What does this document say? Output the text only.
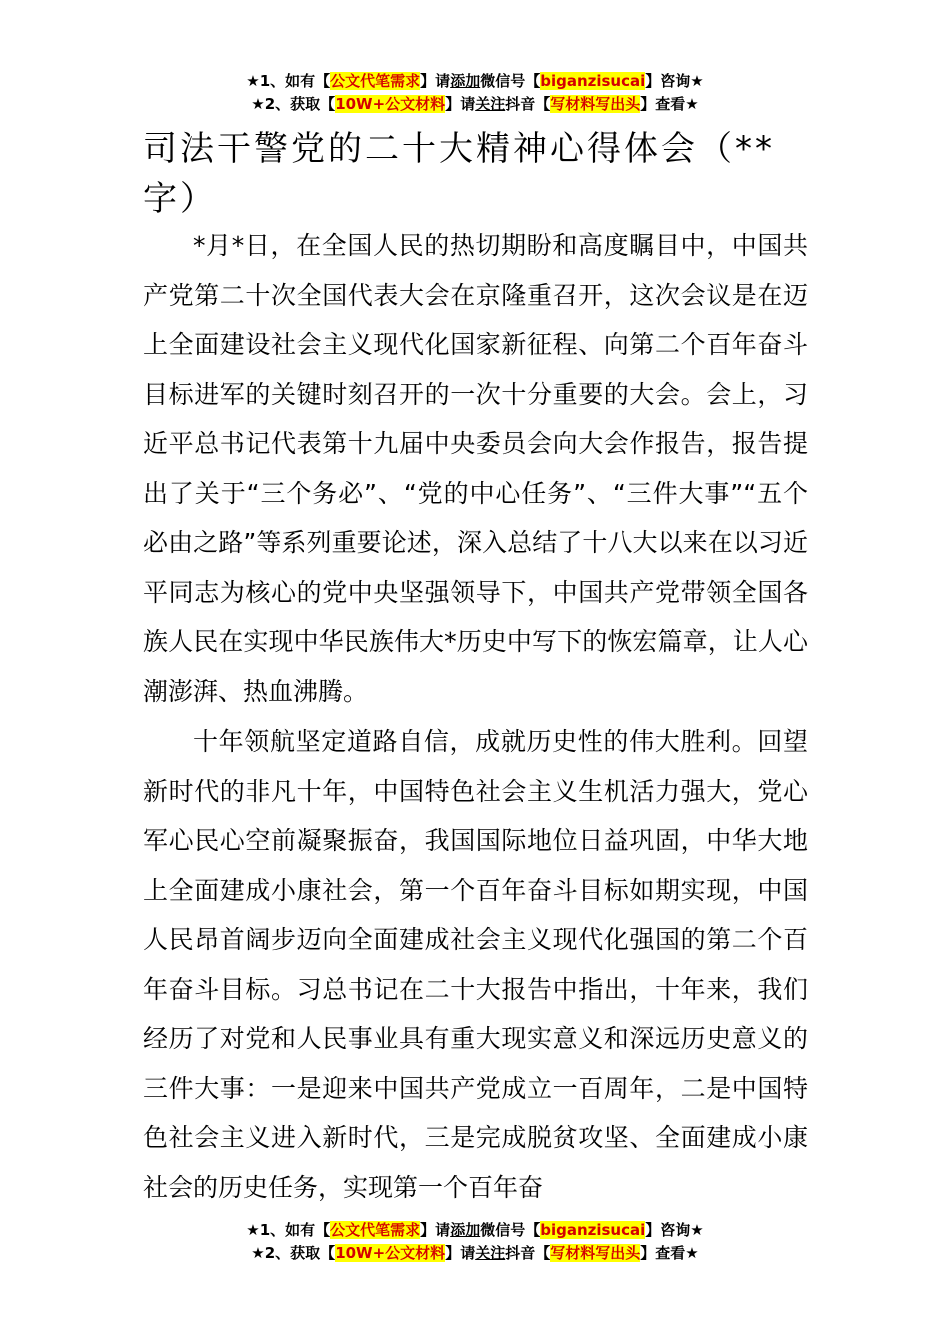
★1、如有【公文代笔需求】请添加微信号【biganzisucai】咨询★
★2、获取【10W+公文材料】请关注抖音【写材料写出头】查看★
司法干警党的二十大精神心得体会（**字）

*月*日，在全国人民的热切期盼和高度瞩目中，中国共产党第二十次全国代表大会在京隆重召开，这次会议是在迈上全面建设社会主义现代化国家新征程、向第二个百年奋斗目标进军的关键时刻召开的一次十分重要的大会。会上，习近平总书记代表第十九届中央委员会向大会作报告，报告提出了关于“三个务必”、“党的中心任务”、“三件大事”“五个必由之路”等系列重要论述，深入总结了十八大以来在以习近平同志为核心的党中央坚强领导下，中国共产党带领全国各族人民在实现中华民族伟大*历史中写下的恢宏篇章，让人心潮澎湃、热血沸腾。

十年领航坚定道路自信，成就历史性的伟大胜利。回望新时代的非凡十年，中国特色社会主义生机活力强大，党心军心民心空前凝聚振奋，我国国际地位日益巩固，中华大地上全面建成小康社会，第一个百年奋斗目标如期实现，中国人民昂首阔步迈向全面建成社会主义现代化强国的第二个百年奋斗目标。习总书记在二十大报告中指出，十年来，我们经历了对党和人民事业具有重大现实意义和深远历史意义的三件大事：一是迎来中国共产党成立一百周年，二是中国特色社会主义进入新时代，三是完成脱贫攻坚、全面建成小康社会的历史任务，实现第一个百年奋

★1、如有【公文代笔需求】请添加微信号【biganzisucai】咨询★
★2、获取【10W+公文材料】请关注抖音【写材料写出头】查看★
